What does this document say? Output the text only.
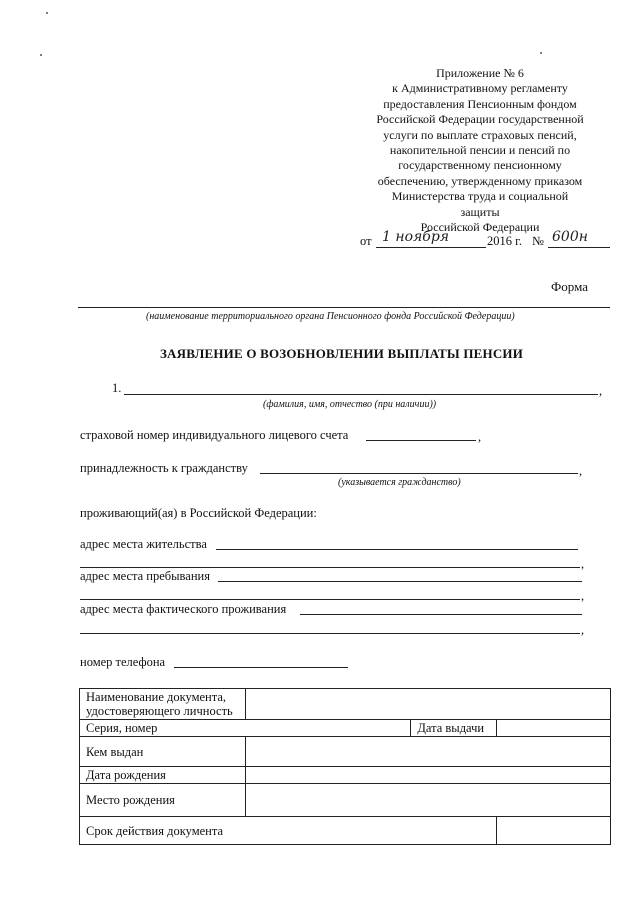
Приложение № 6
к Административному регламенту
предоставления Пенсионным фондом
Российской Федерации государственной
услуги по выплате страховых пенсий,
накопительной пенсии и пенсий по
государственному пенсионному
обеспечению, утвержденному приказом
Министерства труда и социальной
защиты
Российской Федерации
от 1 ноября	2016 г. № 600н
Форма
(наименование территориального органа Пенсионного фонда Российской Федерации)
ЗАЯВЛЕНИЕ О ВОЗОБНОВЛЕНИИ ВЫПЛАТЫ ПЕНСИИ
1.	,
(фамилия, имя, отчество (при наличии))
страховой номер индивидуального лицевого счета	,
принадлежность к гражданству	,
(указывается гражданство)
проживающий(ая) в Российской Федерации:
адрес места жительства
,
адрес места пребывания
,
адрес места фактического проживания
,
номер телефона
Наименование документа, удостоверяющего личность			
Серия, номер		Дата выдачи	
Кем выдан			
Дата рождения			
Место рождения			
Срок действия документа			
